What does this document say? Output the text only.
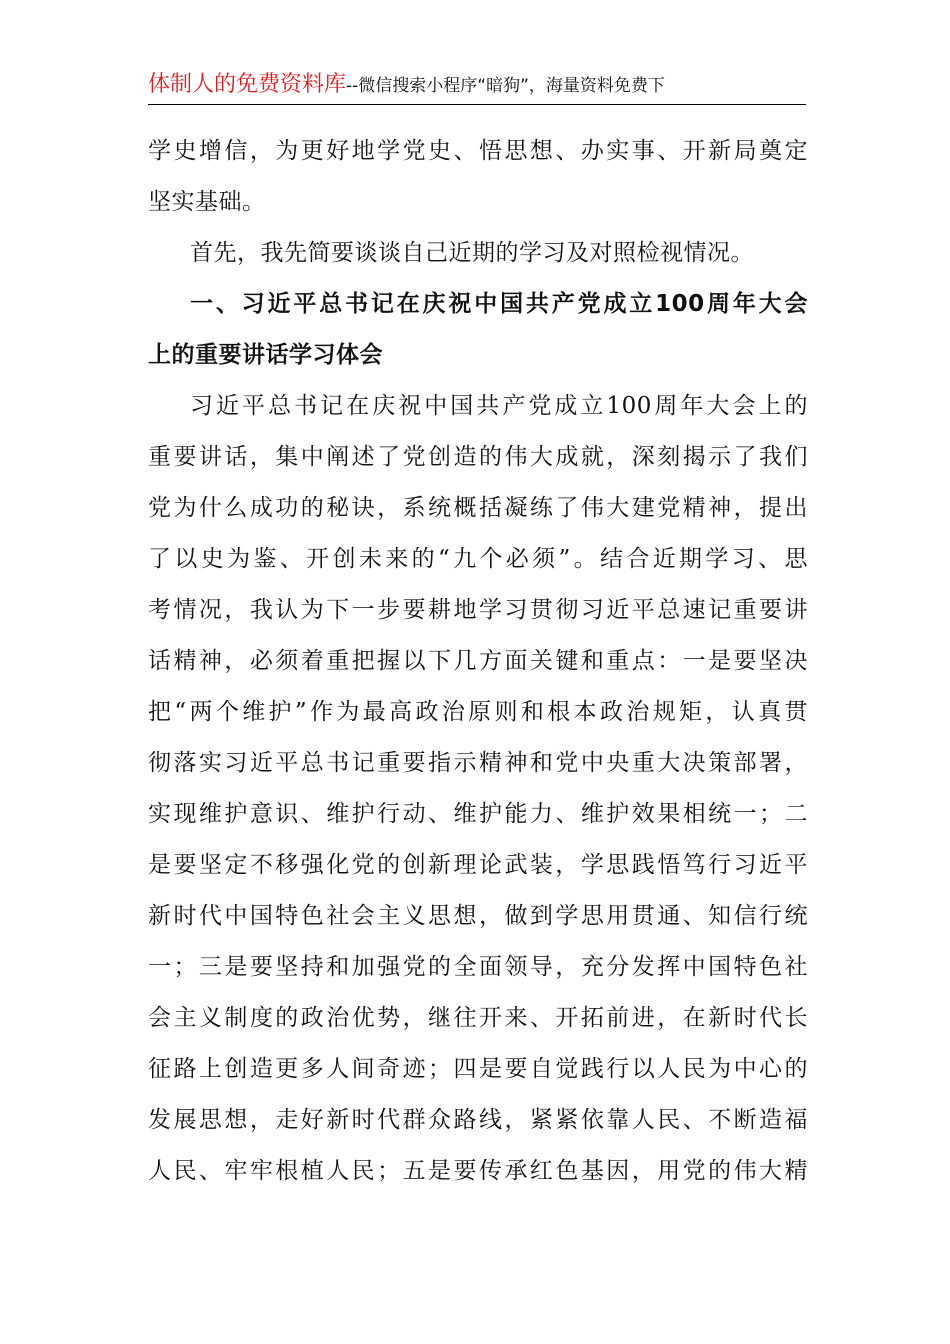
体制人的免费资料库--微信搜索小程序“暗狗”，海量资料免费下
学史增信，为更好地学党史、悟思想、办实事、开新局奠定
坚实基础。
首先，我先简要谈谈自己近期的学习及对照检视情况。
一、习近平总书记在庆祝中国共产党成立100周年大会
上的重要讲话学习体会
习近平总书记在庆祝中国共产党成立100周年大会上的
重要讲话，集中阐述了党创造的伟大成就，深刻揭示了我们
党为什么成功的秘诀，系统概括凝练了伟大建党精神，提出
了以史为鉴、开创未来的“九个必须”。结合近期学习、思
考情况，我认为下一步要耕地学习贯彻习近平总速记重要讲
话精神，必须着重把握以下几方面关键和重点：一是要坚决
把“两个维护”作为最高政治原则和根本政治规矩，认真贯
彻落实习近平总书记重要指示精神和党中央重大决策部署，
实现维护意识、维护行动、维护能力、维护效果相统一；二
是要坚定不移强化党的创新理论武装，学思践悟笃行习近平
新时代中国特色社会主义思想，做到学思用贯通、知信行统
一；三是要坚持和加强党的全面领导，充分发挥中国特色社
会主义制度的政治优势，继往开来、开拓前进，在新时代长
征路上创造更多人间奇迹；四是要自觉践行以人民为中心的
发展思想，走好新时代群众路线，紧紧依靠人民、不断造福
人民、牢牢根植人民；五是要传承红色基因，用党的伟大精
